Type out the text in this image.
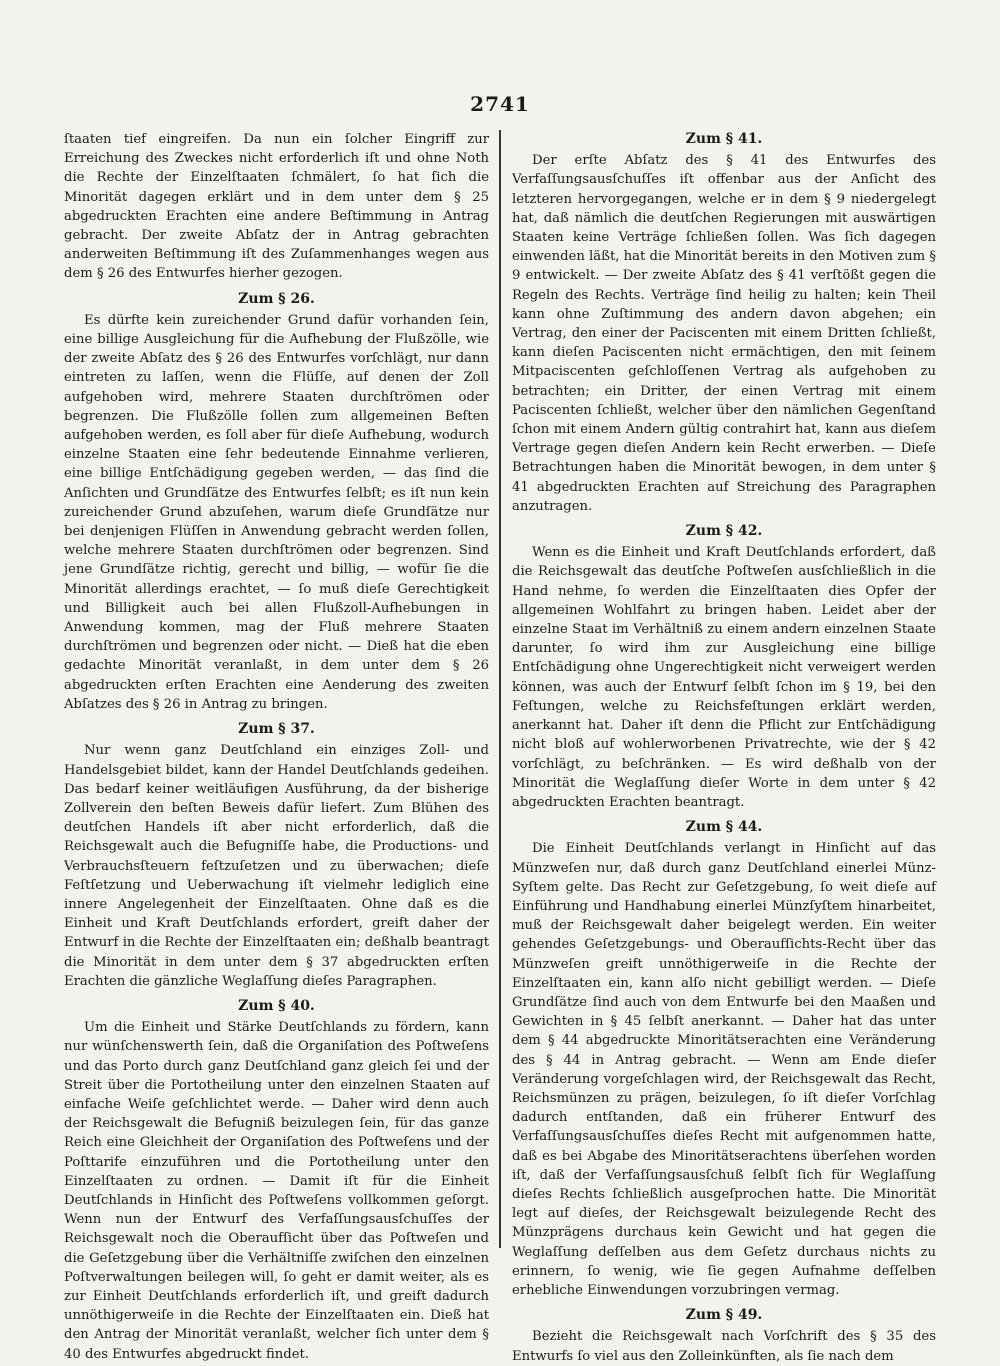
2741

ſtaaten tief eingreifen. Da nun ein ſolcher Eingriff zur Erreichung des Zweckes nicht erforderlich iſt und ohne Noth die Rechte der Einzelſtaaten ſchmälert, ſo hat ſich die Minorität dagegen erklärt und in dem unter dem § 25 abgedruckten Erachten eine andere Beſtimmung in Antrag gebracht. Der zweite Abſatz der in Antrag gebrachten anderweiten Beſtimmung iſt des Zuſammenhanges wegen aus dem § 26 des Entwurfes hierher gezogen.

Zum § 26.

Es dürfte kein zureichender Grund dafür vorhanden ſein, eine billige Ausgleichung für die Aufhebung der Flußzölle, wie der zweite Abſatz des § 26 des Entwurfes vorſchlägt, nur dann eintreten zu laſſen, wenn die Flüſſe, auf denen der Zoll aufgehoben wird, mehrere Staaten durchſtrömen oder begrenzen. Die Flußzölle ſollen zum allgemeinen Beſten aufgehoben werden, es ſoll aber für dieſe Aufhebung, wodurch einzelne Staaten eine ſehr bedeutende Einnahme verlieren, eine billige Entſchädigung gegeben werden, — das ſind die Anſichten und Grundſätze des Entwurfes ſelbſt; es iſt nun kein zureichender Grund abzuſehen, warum dieſe Grundſätze nur bei denjenigen Flüſſen in Anwendung gebracht werden ſollen, welche mehrere Staaten durchſtrömen oder begrenzen. Sind jene Grundſätze richtig, gerecht und billig, — wofür ſie die Minorität allerdings erachtet, — ſo muß dieſe Gerechtigkeit und Billigkeit auch bei allen Flußzoll-Aufhebungen in Anwendung kommen, mag der Fluß mehrere Staaten durchſtrömen und begrenzen oder nicht. — Dieß hat die eben gedachte Minorität veranlaßt, in dem unter dem § 26 abgedruckten erſten Erachten eine Aenderung des zweiten Abſatzes des § 26 in Antrag zu bringen.

Zum § 37.

Nur wenn ganz Deutſchland ein einziges Zoll- und Handelsgebiet bildet, kann der Handel Deutſchlands gedeihen. Das bedarf keiner weitläufigen Ausführung, da der bisherige Zollverein den beſten Beweis dafür liefert. Zum Blühen des deutſchen Handels iſt aber nicht erforderlich, daß die Reichsgewalt auch die Befugniſſe habe, die Productions- und Verbrauchsſteuern feſtzuſetzen und zu überwachen; dieſe Feſtſetzung und Ueberwachung iſt vielmehr lediglich eine innere Angelegenheit der Einzelſtaaten. Ohne daß es die Einheit und Kraft Deutſchlands erfordert, greift daher der Entwurf in die Rechte der Einzelſtaaten ein; deßhalb beantragt die Minorität in dem unter dem § 37 abgedruckten erſten Erachten die gänzliche Weglaſſung dieſes Paragraphen.

Zum § 40.

Um die Einheit und Stärke Deutſchlands zu fördern, kann nur wünſchenswerth ſein, daß die Organiſation des Poſtweſens und das Porto durch ganz Deutſchland ganz gleich ſei und der Streit über die Portotheilung unter den einzelnen Staaten auf einfache Weiſe geſchlichtet werde. — Daher wird denn auch der Reichsgewalt die Befugniß beizulegen ſein, für das ganze Reich eine Gleichheit der Organiſation des Poſtweſens und der Poſttarife einzuführen und die Portotheilung unter den Einzelſtaaten zu ordnen. — Damit iſt für die Einheit Deutſchlands in Hinſicht des Poſtweſens vollkommen geſorgt. Wenn nun der Entwurf des Verfaſſungsausſchuſſes der Reichsgewalt noch die Oberaufſicht über das Poſtweſen und die Geſetzgebung über die Verhältniſſe zwiſchen den einzelnen Poſtverwaltungen beilegen will, ſo geht er damit weiter, als es zur Einheit Deutſchlands erforderlich iſt, und greift dadurch unnöthigerweiſe in die Rechte der Einzelſtaaten ein. Dieß hat den Antrag der Minorität veranlaßt, welcher ſich unter dem § 40 des Entwurfes abgedruckt findet.

Zum § 41.

Der erſte Abſatz des § 41 des Entwurfes des Verfaſſungsausſchuſſes iſt offenbar aus der Anſicht des letzteren hervorgegangen, welche er in dem § 9 niedergelegt hat, daß nämlich die deutſchen Regierungen mit auswärtigen Staaten keine Verträge ſchließen ſollen. Was ſich dagegen einwenden läßt, hat die Minorität bereits in den Motiven zum § 9 entwickelt. — Der zweite Abſatz des § 41 verſtößt gegen die Regeln des Rechts. Verträge ſind heilig zu halten; kein Theil kann ohne Zuſtimmung des andern davon abgehen; ein Vertrag, den einer der Paciscenten mit einem Dritten ſchließt, kann dieſen Paciscenten nicht ermächtigen, den mit ſeinem Mitpaciscenten geſchloſſenen Vertrag als aufgehoben zu betrachten; ein Dritter, der einen Vertrag mit einem Paciscenten ſchließt, welcher über den nämlichen Gegenſtand ſchon mit einem Andern gültig contrahirt hat, kann aus dieſem Vertrage gegen dieſen Andern kein Recht erwerben. — Dieſe Betrachtungen haben die Minorität bewogen, in dem unter § 41 abgedruckten Erachten auf Streichung des Paragraphen anzutragen.

Zum § 42.

Wenn es die Einheit und Kraft Deutſchlands erfordert, daß die Reichsgewalt das deutſche Poſtweſen ausſchließlich in die Hand nehme, ſo werden die Einzelſtaaten dies Opfer der allgemeinen Wohlfahrt zu bringen haben. Leidet aber der einzelne Staat im Verhältniß zu einem andern einzelnen Staate darunter, ſo wird ihm zur Ausgleichung eine billige Entſchädigung ohne Ungerechtigkeit nicht verweigert werden können, was auch der Entwurf ſelbſt ſchon im § 19, bei den Feſtungen, welche zu Reichsfeſtungen erklärt werden, anerkannt hat. Daher iſt denn die Pflicht zur Entſchädigung nicht bloß auf wohlerworbenen Privatrechte, wie der § 42 vorſchlägt, zu beſchränken. — Es wird deßhalb von der Minorität die Weglaſſung dieſer Worte in dem unter § 42 abgedruckten Erachten beantragt.

Zum § 44.

Die Einheit Deutſchlands verlangt in Hinſicht auf das Münzweſen nur, daß durch ganz Deutſchland einerlei Münz-Syſtem gelte. Das Recht zur Geſetzgebung, ſo weit dieſe auf Einführung und Handhabung einerlei Münzſyſtem hinarbeitet, muß der Reichsgewalt daher beigelegt werden. Ein weiter gehendes Geſetzgebungs- und Oberaufſichts-Recht über das Münzweſen greift unnöthigerweiſe in die Rechte der Einzelſtaaten ein, kann alſo nicht gebilligt werden. — Dieſe Grundſätze ſind auch von dem Entwurfe bei den Maaßen und Gewichten in § 45 ſelbſt anerkannt. — Daher hat das unter dem § 44 abgedruckte Minoritätserachten eine Veränderung des § 44 in Antrag gebracht. — Wenn am Ende dieſer Veränderung vorgeſchlagen wird, der Reichsgewalt das Recht, Reichsmünzen zu prägen, beizulegen, ſo iſt dieſer Vorſchlag dadurch entſtanden, daß ein früherer Entwurf des Verfaſſungsausſchuſſes dieſes Recht mit aufgenommen hatte, daß es bei Abgabe des Minoritätserachtens überſehen worden iſt, daß der Verfaſſungsausſchuß ſelbſt ſich für Weglaſſung dieſes Rechts ſchließlich ausgeſprochen hatte. Die Minorität legt auf dieſes, der Reichsgewalt beizulegende Recht des Münzprägens durchaus kein Gewicht und hat gegen die Weglaſſung deſſelben aus dem Geſetz durchaus nichts zu erinnern, ſo wenig, wie ſie gegen Aufnahme deſſelben erhebliche Einwendungen vorzubringen vermag.

Zum § 49.

Bezieht die Reichsgewalt nach Vorſchrift des § 35 des Entwurfs ſo viel aus den Zolleinkünften, als ſie nach dem
